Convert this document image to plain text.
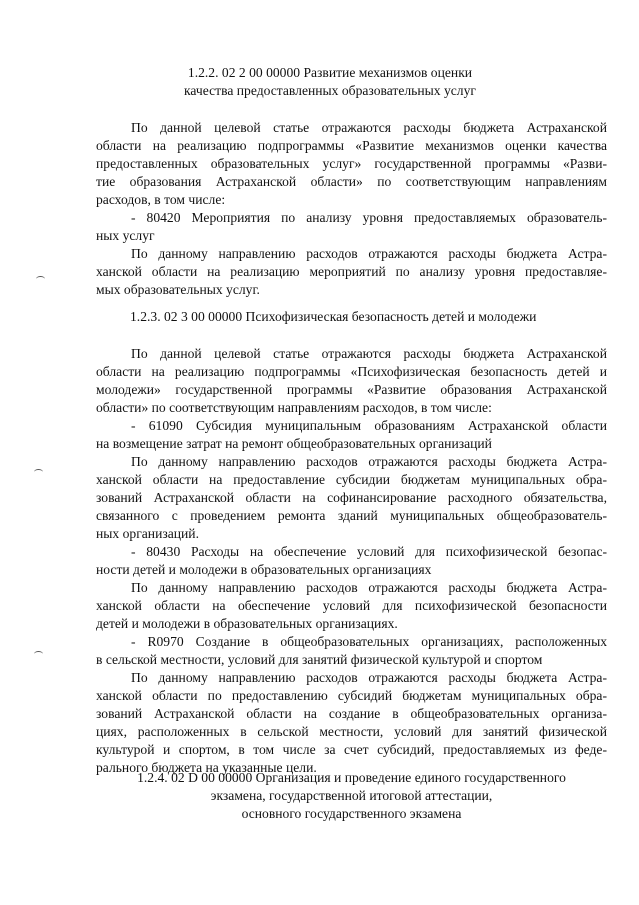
1.2.2. 02 2 00 00000 Развитие механизмов оценки
качества предоставленных образовательных услуг
По данной целевой статье отражаются расходы бюджета Астраханской
области на реализацию подпрограммы «Развитие механизмов оценки качества
предоставленных образовательных услуг» государственной программы «Разви-
тие образования Астраханской области» по соответствующим направлениям
расходов, в том числе:
- 80420 Мероприятия по анализу уровня предоставляемых образователь-
ных услуг
По данному направлению расходов отражаются расходы бюджета Астра-
ханской области на реализацию мероприятий по анализу уровня предоставляе-
мых образовательных услуг.
1.2.3. 02 3 00 00000 Психофизическая безопасность детей и молодежи
По данной целевой статье отражаются расходы бюджета Астраханской
области на реализацию подпрограммы «Психофизическая безопасность детей и
молодежи» государственной программы «Развитие образования Астраханской
области» по соответствующим направлениям расходов, в том числе:
- 61090 Субсидия муниципальным образованиям Астраханской области
на возмещение затрат на ремонт общеобразовательных организаций
По данному направлению расходов отражаются расходы бюджета Астра-
ханской области на предоставление субсидии бюджетам муниципальных обра-
зований Астраханской области на софинансирование расходного обязательства,
связанного с проведением ремонта зданий муниципальных общеобразователь-
ных организаций.
- 80430 Расходы на обеспечение условий для психофизической безопас-
ности детей и молодежи в образовательных организациях
По данному направлению расходов отражаются расходы бюджета Астра-
ханской области на обеспечение условий для психофизической безопасности
детей и молодежи в образовательных организациях.
- R0970 Создание в общеобразовательных организациях, расположенных
в сельской местности, условий для занятий физической культурой и спортом
По данному направлению расходов отражаются расходы бюджета Астра-
ханской области по предоставлению субсидий бюджетам муниципальных обра-
зований Астраханской области на создание в общеобразовательных организа-
циях, расположенных в сельской местности, условий для занятий физической
культурой и спортом, в том числе за счет субсидий, предоставляемых из феде-
рального бюджета на указанные цели.
1.2.4. 02 D 00 00000 Организация и проведение единого государственного
экзамена, государственной итоговой аттестации,
основного государственного экзамена
